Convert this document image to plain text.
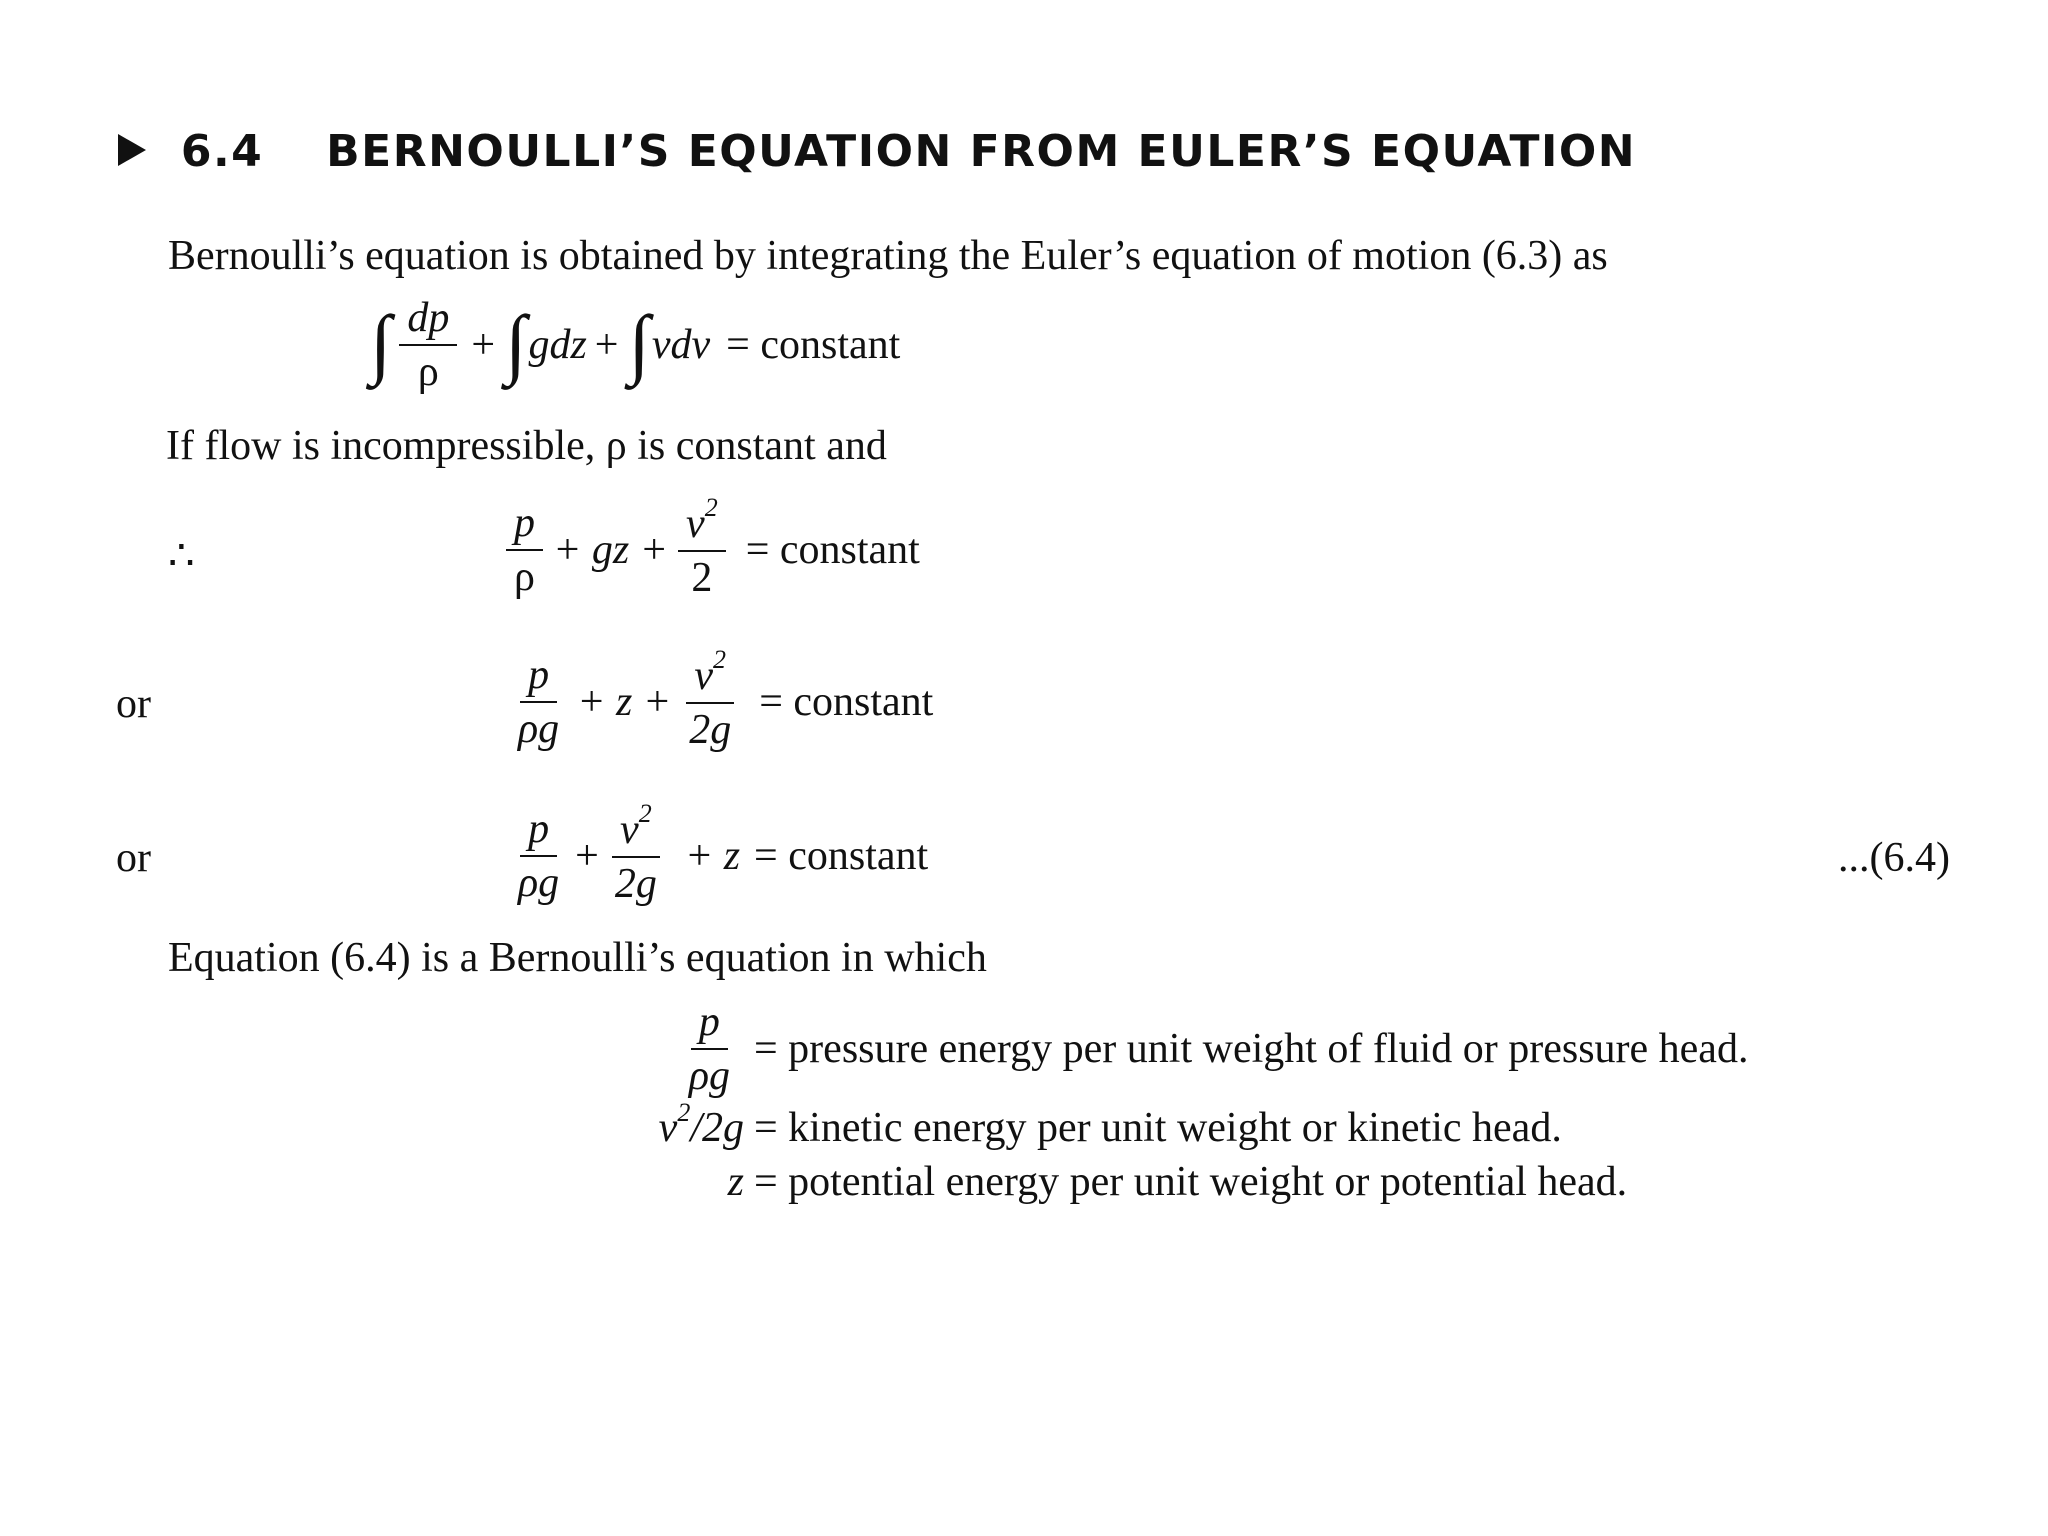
6.4 BERNOULLI’S EQUATION FROM EULER’S EQUATION
Bernoulli’s equation is obtained by integrating the Euler’s equation of motion (6.3) as
∫ $\frac{dp}{\rho}$ + ∫ gdz + ∫ vdv = constant
If flow is incompressible, ρ is constant and
∴	$\frac{p}{\rho}$ + gz + $\frac{v^2}{2}$ = constant
or	$\frac{p}{\rho g} + z + \frac{v^2}{2g}$ = constant
or	$\frac{p}{\rho g} + \frac{v^2}{2g} + z$ = constant	...(6.4)
Equation (6.4) is a Bernoulli’s equation in which
$\frac{p}{\rho g}$ = pressure energy per unit weight of fluid or pressure head.
$v^2$ /2g = kinetic energy per unit weight or kinetic head.
z = potential energy per unit weight or potential head.
